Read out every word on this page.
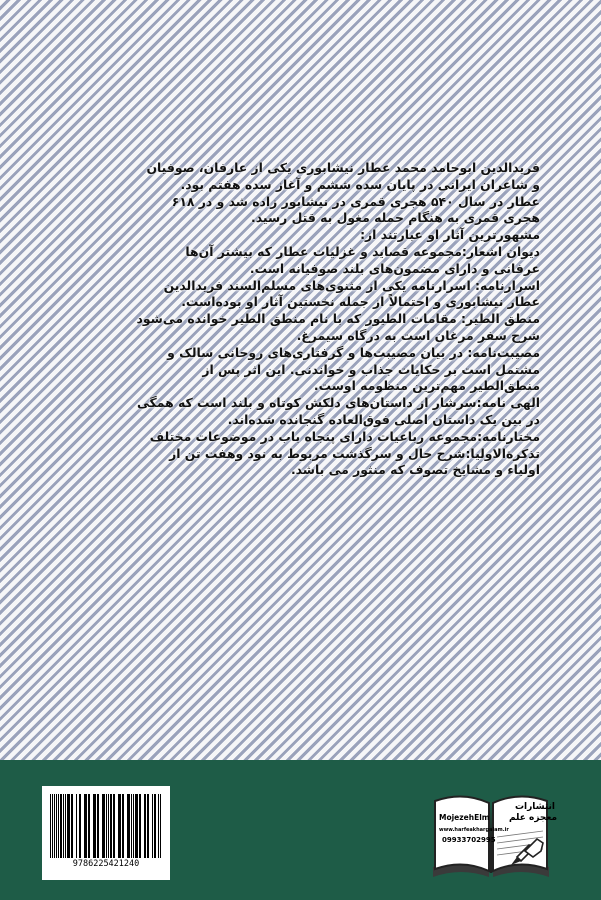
فریدالدین ابوحامد محمد عطار نیشابوری یکی از عارفان، صوفیان
و شاعران ایرانی در پایان سده ششم و آغاز سده هفتم بود.
عطار در سال ۵۴۰ هجری قمری در نیشابور زاده شد و در ۶۱۸
هجری قمری به هنگام حمله مغول به قتل رسید.
مشهورترین آثار او عبارتند از:
دیوان اشعار:مجموعه قصاید و غزلیات عطار که بیشتر آن‌ها
عرفانی و دارای مضمون‌های بلند صوفیانه است.
اسرارنامه: اسرارنامه یکی از مثنوی‌های مسلم‌السند فریدالدین
عطار نیشابوری و احتمالاً از جمله نخستین آثار او بوده‌است.
منطق الطیر: مقامات الطیور که با نام منطق الطیر خوانده می‌شود
شرح سفر مرغان است به درگاه سیمرغ.
مصیبت‌نامه: در بیان مصیبت‌ها و گرفتاری‌های روحانی سالک و
مشتمل است بر حکایات جذاب و خواندنی. این اثر پس از
منطق‌الطیر مهم‌ترین منظومه اوست.
الهی نامه:سرشار از داستان‌های دلکش کوتاه و بلند است که همگی
در بین یک داستان اصلی فوق‌العاده گنجانده شده‌اند.
مختارنامه:مجموعه رباعیات دارای پنجاه باب در موضوعات مختلف
تذکرة‌الاولیا:شرح حال و سرگذشت مربوط به نود وهفت تن از
اولیاء و مشایخ تصوف که منثور می باشد.
9786225421240
انتشارات
معجزه علم
MojezehElm
www.harfeakhargalam.ir
09933702995
